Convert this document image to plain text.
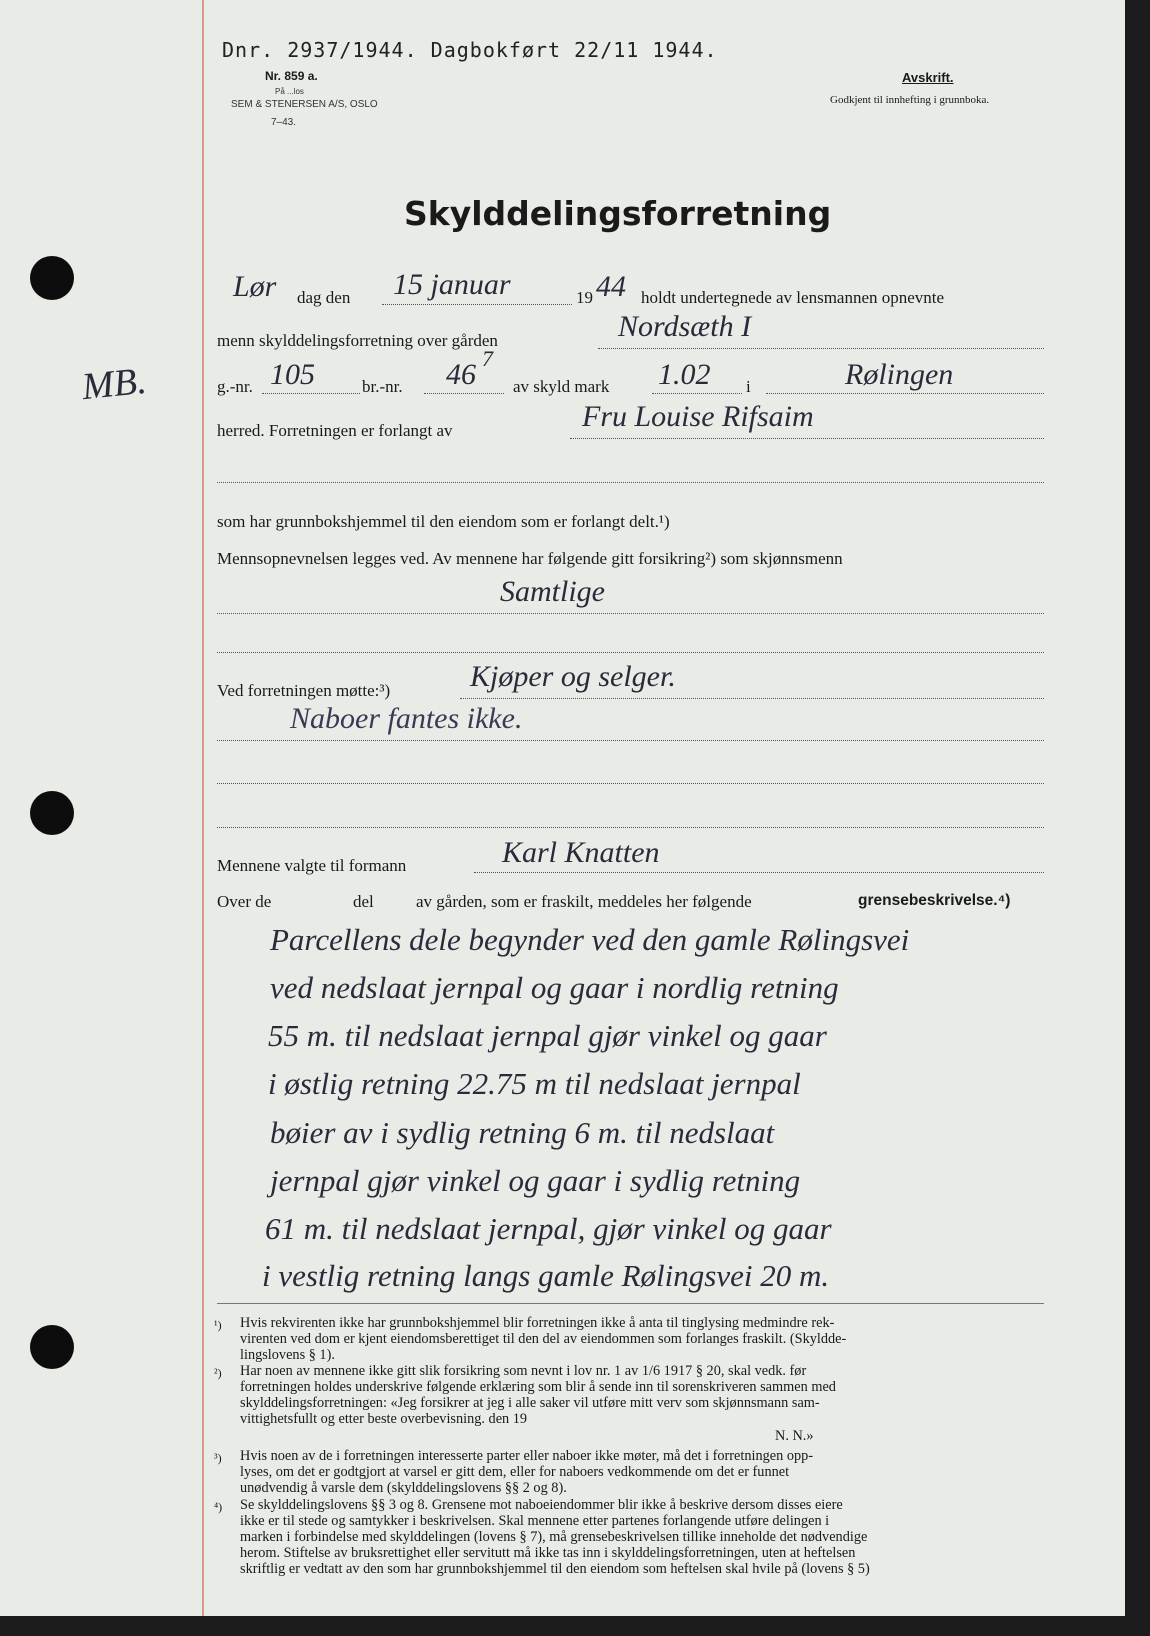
Dnr. 2937/1944. Dagbokført 22/11 1944.
Nr. 859 a.
På ...los
SEM & STENERSEN A/S, OSLO
7–43.
Avskrift.
Godkjent til innhefting i grunnboka.
Skylddelingsforretning
MB.
Lør dag den 15 januar	19 44 holdt undertegnede av lensmannen opnevnte
menn skylddelingsforretning over gården	Nordsæth I
g.-nr. 105	br.-nr. 46 7
av skyld mark 1.02 i	Rølingen
herred. Forretningen er forlangt av	Fru Louise Rifsaim
som har grunnbokshjemmel til den eiendom som er forlangt delt.¹)
Mennsopnevnelsen legges ved. Av mennene har følgende gitt forsikring²) som skjønnsmenn
Samtlige
Ved forretningen møtte:³)	Kjøper og selger.
Naboer fantes ikke.
Mennene valgte til formann	Karl Knatten
Over de	del av gården, som er fraskilt, meddeles her følgende	grensebeskrivelse.⁴)
Parcellens dele begynder ved den gamle Rølingsvei
ved nedslaat jernpal og gaar i nordlig retning
55 m. til nedslaat jernpal gjør vinkel og gaar
i østlig retning 22.75 m til nedslaat jernpal
bøier av i sydlig retning 6 m. til nedslaat
jernpal gjør vinkel og gaar i sydlig retning
61 m. til nedslaat jernpal, gjør vinkel og gaar
i vestlig retning langs gamle Rølingsvei 20 m.
¹) Hvis rekvirenten ikke har grunnbokshjemmel blir forretningen ikke å anta til tinglysing medmindre rek-
virenten ved dom er kjent eiendomsberettiget til den del av eiendommen som forlanges fraskilt. (Skyldde-
lingslovens § 1).
²) Har noen av mennene ikke gitt slik forsikring som nevnt i lov nr. 1 av 1/6 1917 § 20, skal vedk. før
forretningen holdes underskrive følgende erklæring som blir å sende inn til sorenskriveren sammen med
skylddelingsforretningen: «Jeg forsikrer at jeg i alle saker vil utføre mitt verv som skjønnsmann sam-
vittighetsfullt og etter beste overbevisning. den 19
N. N.»
³) Hvis noen av de i forretningen interesserte parter eller naboer ikke møter, må det i forretningen opp-
lyses, om det er godtgjort at varsel er gitt dem, eller for naboers vedkommende om det er funnet
unødvendig å varsle dem (skylddelingslovens §§ 2 og 8).
⁴) Se skylddelingslovens §§ 3 og 8. Grensene mot naboeiendommer blir ikke å beskrive dersom disses eiere
ikke er til stede og samtykker i beskrivelsen. Skal mennene etter partenes forlangende utføre delingen i
marken i forbindelse med skylddelingen (lovens § 7), må grensebeskrivelsen tillike inneholde det nødvendige
herom. Stiftelse av bruksrettighet eller servitutt må ikke tas inn i skylddelingsforretningen, uten at heftelsen
skriftlig er vedtatt av den som har grunnbokshjemmel til den eiendom som heftelsen skal hvile på (lovens § 5)
